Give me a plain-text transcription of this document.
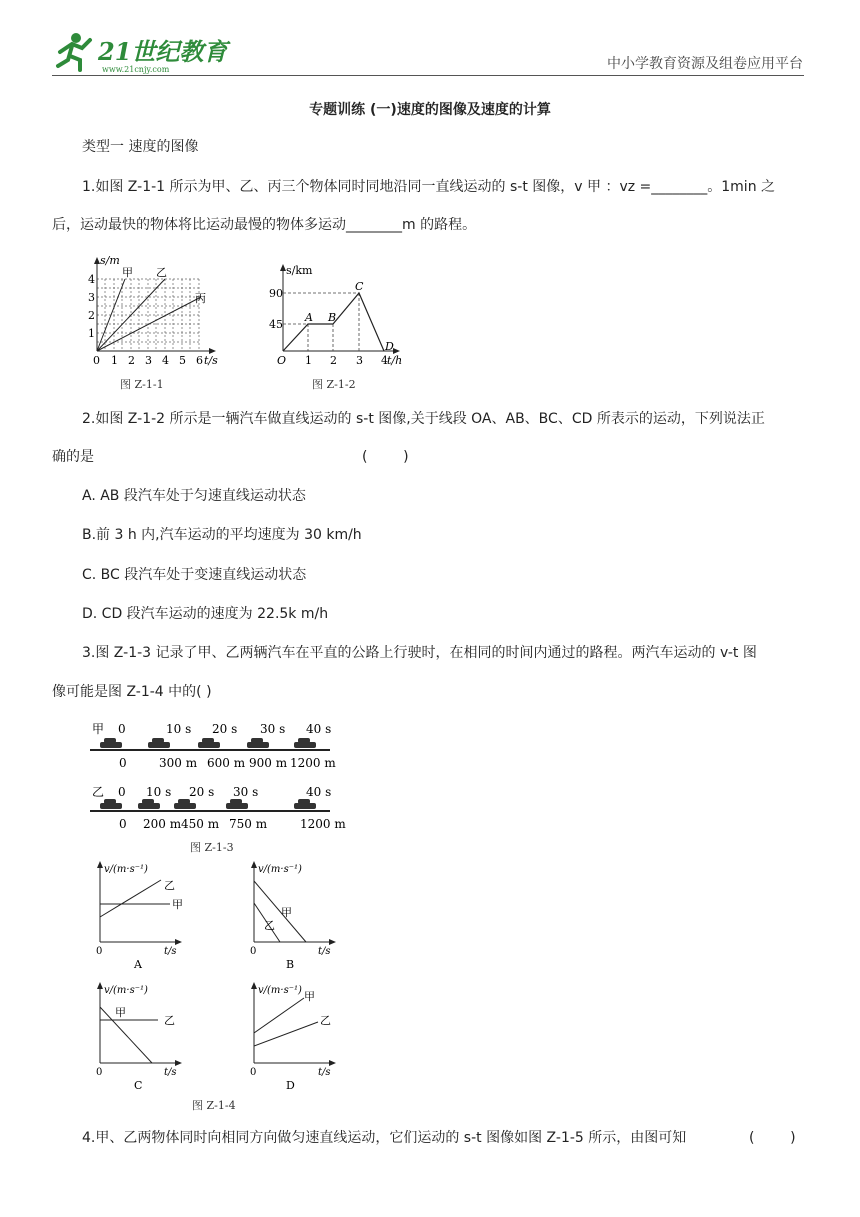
21世纪教育
www.21cnjy.com	中小学教育资源及组卷应用平台
专题训练 (一)速度的图像及速度的计算
类型一 速度的图像
1.如图 Z-1-1 所示为甲、乙、丙三个物体同时同地沿同一直线运动的 s-t 图像，v 甲 ：vz =________。1min 之
后，运动最快的物体将比运动最慢的物体多运动________m 的路程。
s/m
t/s
1
2
3
4
0 1 2 3 4 5 6
甲 乙
丙
图 Z-1-1
s/km
t/h
45
90
O 1 2 3 4
A B
C
D
图 Z-1-2
2.如图 Z-1-2 所示是一辆汽车做直线运动的 s-t 图像,关于线段 OA、AB、BC、CD 所表示的运动，下列说法正
确的是	(        )
A. AB 段汽车处于匀速直线运动状态
B.前 3 h 内,汽车运动的平均速度为 30 km/h
C. BC 段汽车处于变速直线运动状态
D. CD 段汽车运动的速度为 22.5k m/h
3.图 Z-1-3 记录了甲、乙两辆汽车在平直的公路上行驶时，在相同的时间内通过的路程。两汽车运动的 v-t 图
像可能是图 Z-1-4 中的( )
甲 0	10 s 20 s 30 s 40 s
0	300 m 600 m 900 m 1200 m
乙 0 10 s 20 s 30 s	40 s
0 200 m 450 m 750 m	1200 m
图 Z-1-3
v/(m·s⁻¹)
t/s
0
乙
甲
A
v/(m·s⁻¹)
t/s
0
甲
乙
B
v/(m·s⁻¹)
t/s
0
甲
乙
C
v/(m·s⁻¹)
t/s
0
甲
乙
D
图 Z-1-4
4.甲、乙两物体同时向相同方向做匀速直线运动，它们运动的 s-t 图像如图 Z-1-5 所示，由图可知	(        )
